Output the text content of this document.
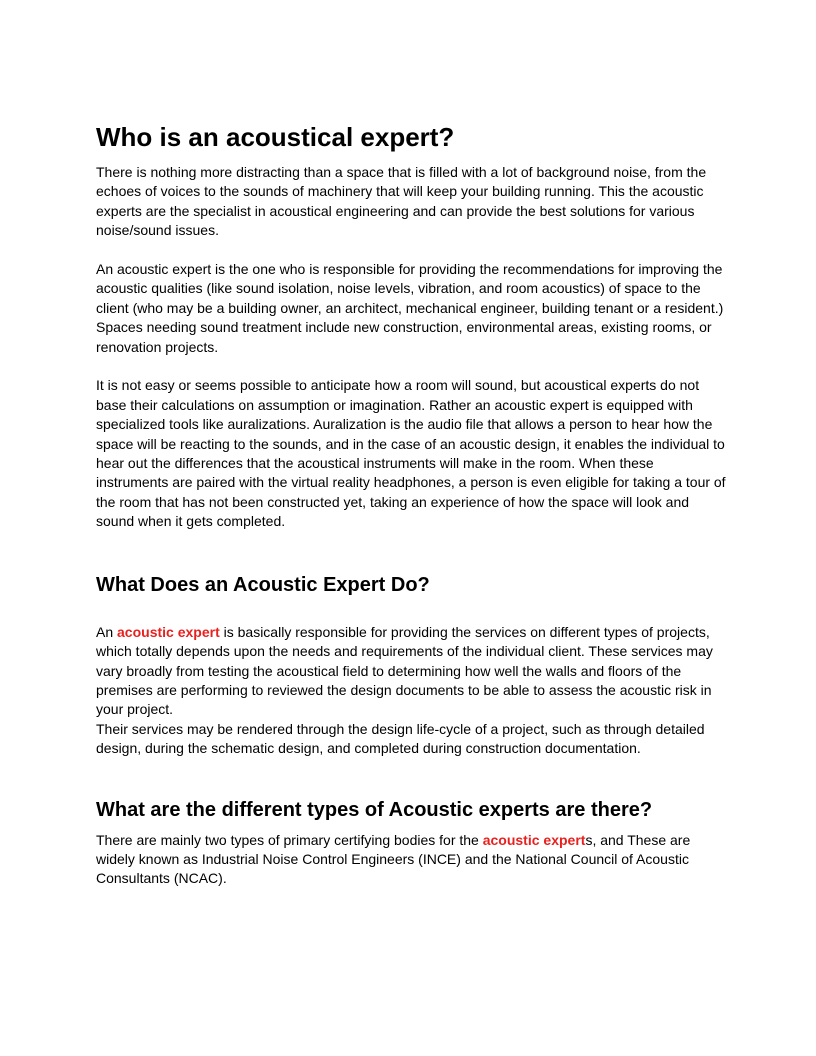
Who is an acoustical expert?

There is nothing more distracting than a space that is filled with a lot of background noise, from the echoes of voices to the sounds of machinery that will keep your building running. This the acoustic experts are the specialist in acoustical engineering and can provide the best solutions for various noise/sound issues.

An acoustic expert is the one who is responsible for providing the recommendations for improving the acoustic qualities (like sound isolation, noise levels, vibration, and room acoustics) of space to the client (who may be a building owner, an architect, mechanical engineer, building tenant or a resident.) Spaces needing sound treatment include new construction, environmental areas, existing rooms, or renovation projects.

It is not easy or seems possible to anticipate how a room will sound, but acoustical experts do not base their calculations on assumption or imagination. Rather an acoustic expert is equipped with specialized tools like auralizations. Auralization is the audio file that allows a person to hear how the space will be reacting to the sounds, and in the case of an acoustic design, it enables the individual to hear out the differences that the acoustical instruments will make in the room. When these instruments are paired with the virtual reality headphones, a person is even eligible for taking a tour of the room that has not been constructed yet, taking an experience of how the space will look and sound when it gets completed.

What Does an Acoustic Expert Do?

An acoustic expert is basically responsible for providing the services on different types of projects, which totally depends upon the needs and requirements of the individual client. These services may vary broadly from testing the acoustical field to determining how well the walls and floors of the premises are performing to reviewed the design documents to be able to assess the acoustic risk in your project.

Their services may be rendered through the design life-cycle of a project, such as through detailed design, during the schematic design, and completed during construction documentation.

What are the different types of Acoustic experts are there?

There are mainly two types of primary certifying bodies for the acoustic experts, and These are widely known as Industrial Noise Control Engineers (INCE) and the National Council of Acoustic Consultants (NCAC).
